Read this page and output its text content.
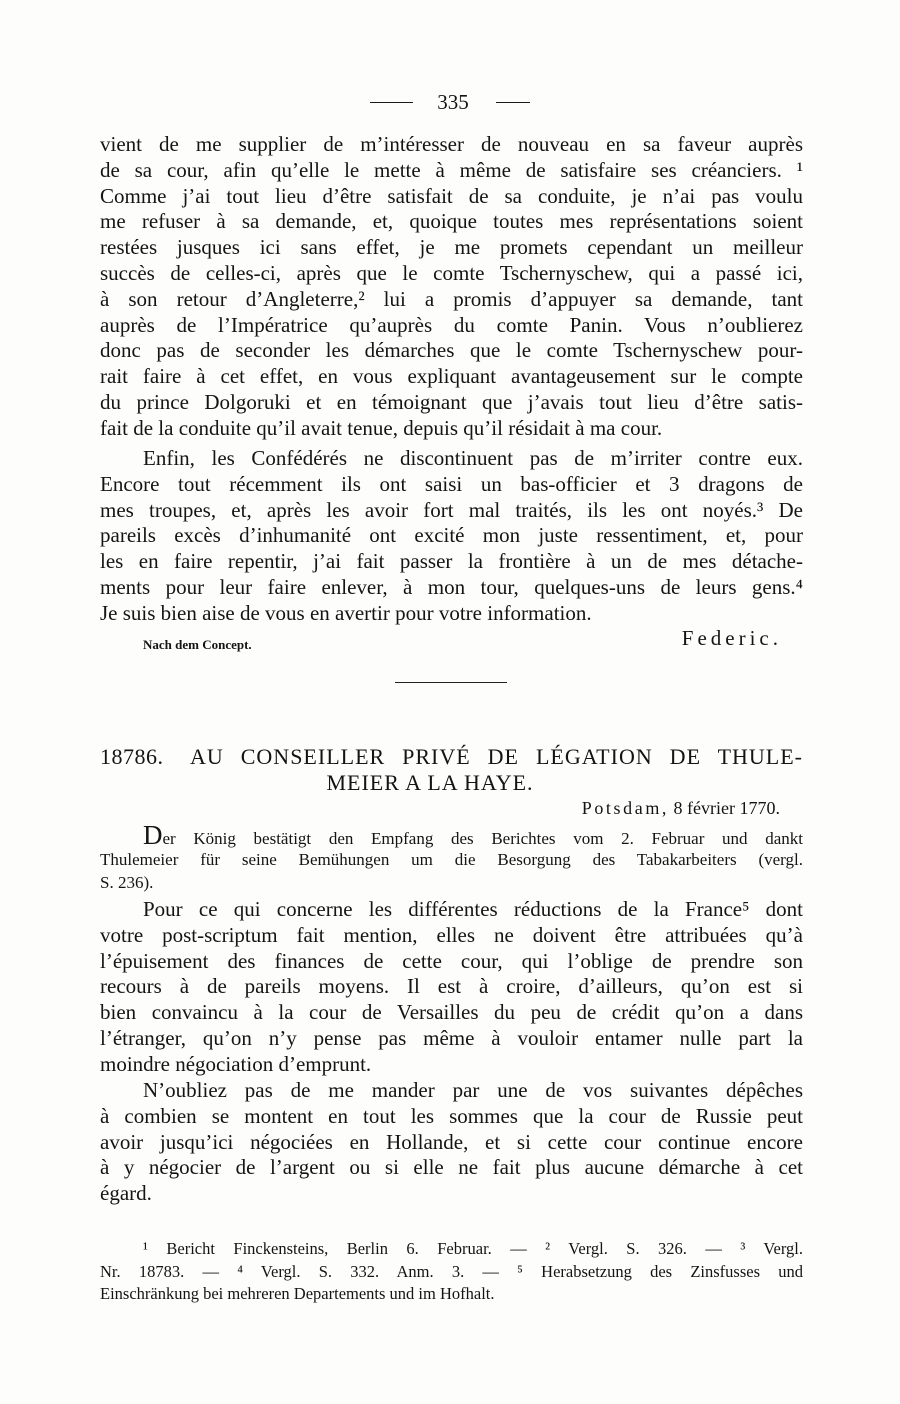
335
vient de me supplier de m’intéresser de nouveau en sa faveur auprès
de sa cour, afin qu’elle le mette à même de satisfaire ses créanciers. ¹
Comme j’ai tout lieu d’être satisfait de sa conduite, je n’ai pas voulu
me refuser à sa demande, et, quoique toutes mes représentations soient
restées jusques ici sans effet, je me promets cependant un meilleur
succès de celles-ci, après que le comte Tschernyschew, qui a passé ici,
à son retour d’Angleterre,² lui a promis d’appuyer sa demande, tant
auprès de l’Impératrice qu’auprès du comte Panin. Vous n’oublierez
donc pas de seconder les démarches que le comte Tschernyschew pour-
rait faire à cet effet, en vous expliquant avantageusement sur le compte
du prince Dolgoruki et en témoignant que j’avais tout lieu d’être satis-
fait de la conduite qu’il avait tenue, depuis qu’il résidait à ma cour.
Enfin, les Confédérés ne discontinuent pas de m’irriter contre eux.
Encore tout récemment ils ont saisi un bas-officier et 3 dragons de
mes troupes, et, après les avoir fort mal traités, ils les ont noyés.³ De
pareils excès d’inhumanité ont excité mon juste ressentiment, et, pour
les en faire repentir, j’ai fait passer la frontière à un de mes détache-
ments pour leur faire enlever, à mon tour, quelques-uns de leurs gens.⁴
Je suis bien aise de vous en avertir pour votre information.
Nach dem Concept.	Federic.
18786. AU CONSEILLER PRIVÉ DE LÉGATION DE THULE-
MEIER A LA HAYE.
Potsdam, 8 février 1770.
Der König bestätigt den Empfang des Berichtes vom 2. Februar und dankt
Thulemeier für seine Bemühungen um die Besorgung des Tabakarbeiters (vergl.
S. 236).
Pour ce qui concerne les différentes réductions de la France⁵ dont
votre post-scriptum fait mention, elles ne doivent être attribuées qu’à
l’épuisement des finances de cette cour, qui l’oblige de prendre son
recours à de pareils moyens. Il est à croire, d’ailleurs, qu’on est si
bien convaincu à la cour de Versailles du peu de crédit qu’on a dans
l’étranger, qu’on n’y pense pas même à vouloir entamer nulle part la
moindre négociation d’emprunt.
N’oubliez pas de me mander par une de vos suivantes dépêches
à combien se montent en tout les sommes que la cour de Russie peut
avoir jusqu’ici négociées en Hollande, et si cette cour continue encore
à y négocier de l’argent ou si elle ne fait plus aucune démarche à cet
égard.
¹ Bericht Finckensteins, Berlin 6. Februar. — ² Vergl. S. 326. — ³ Vergl.
Nr. 18783. — ⁴ Vergl. S. 332. Anm. 3. — ⁵ Herabsetzung des Zinsfusses und
Einschränkung bei mehreren Departements und im Hofhalt.
